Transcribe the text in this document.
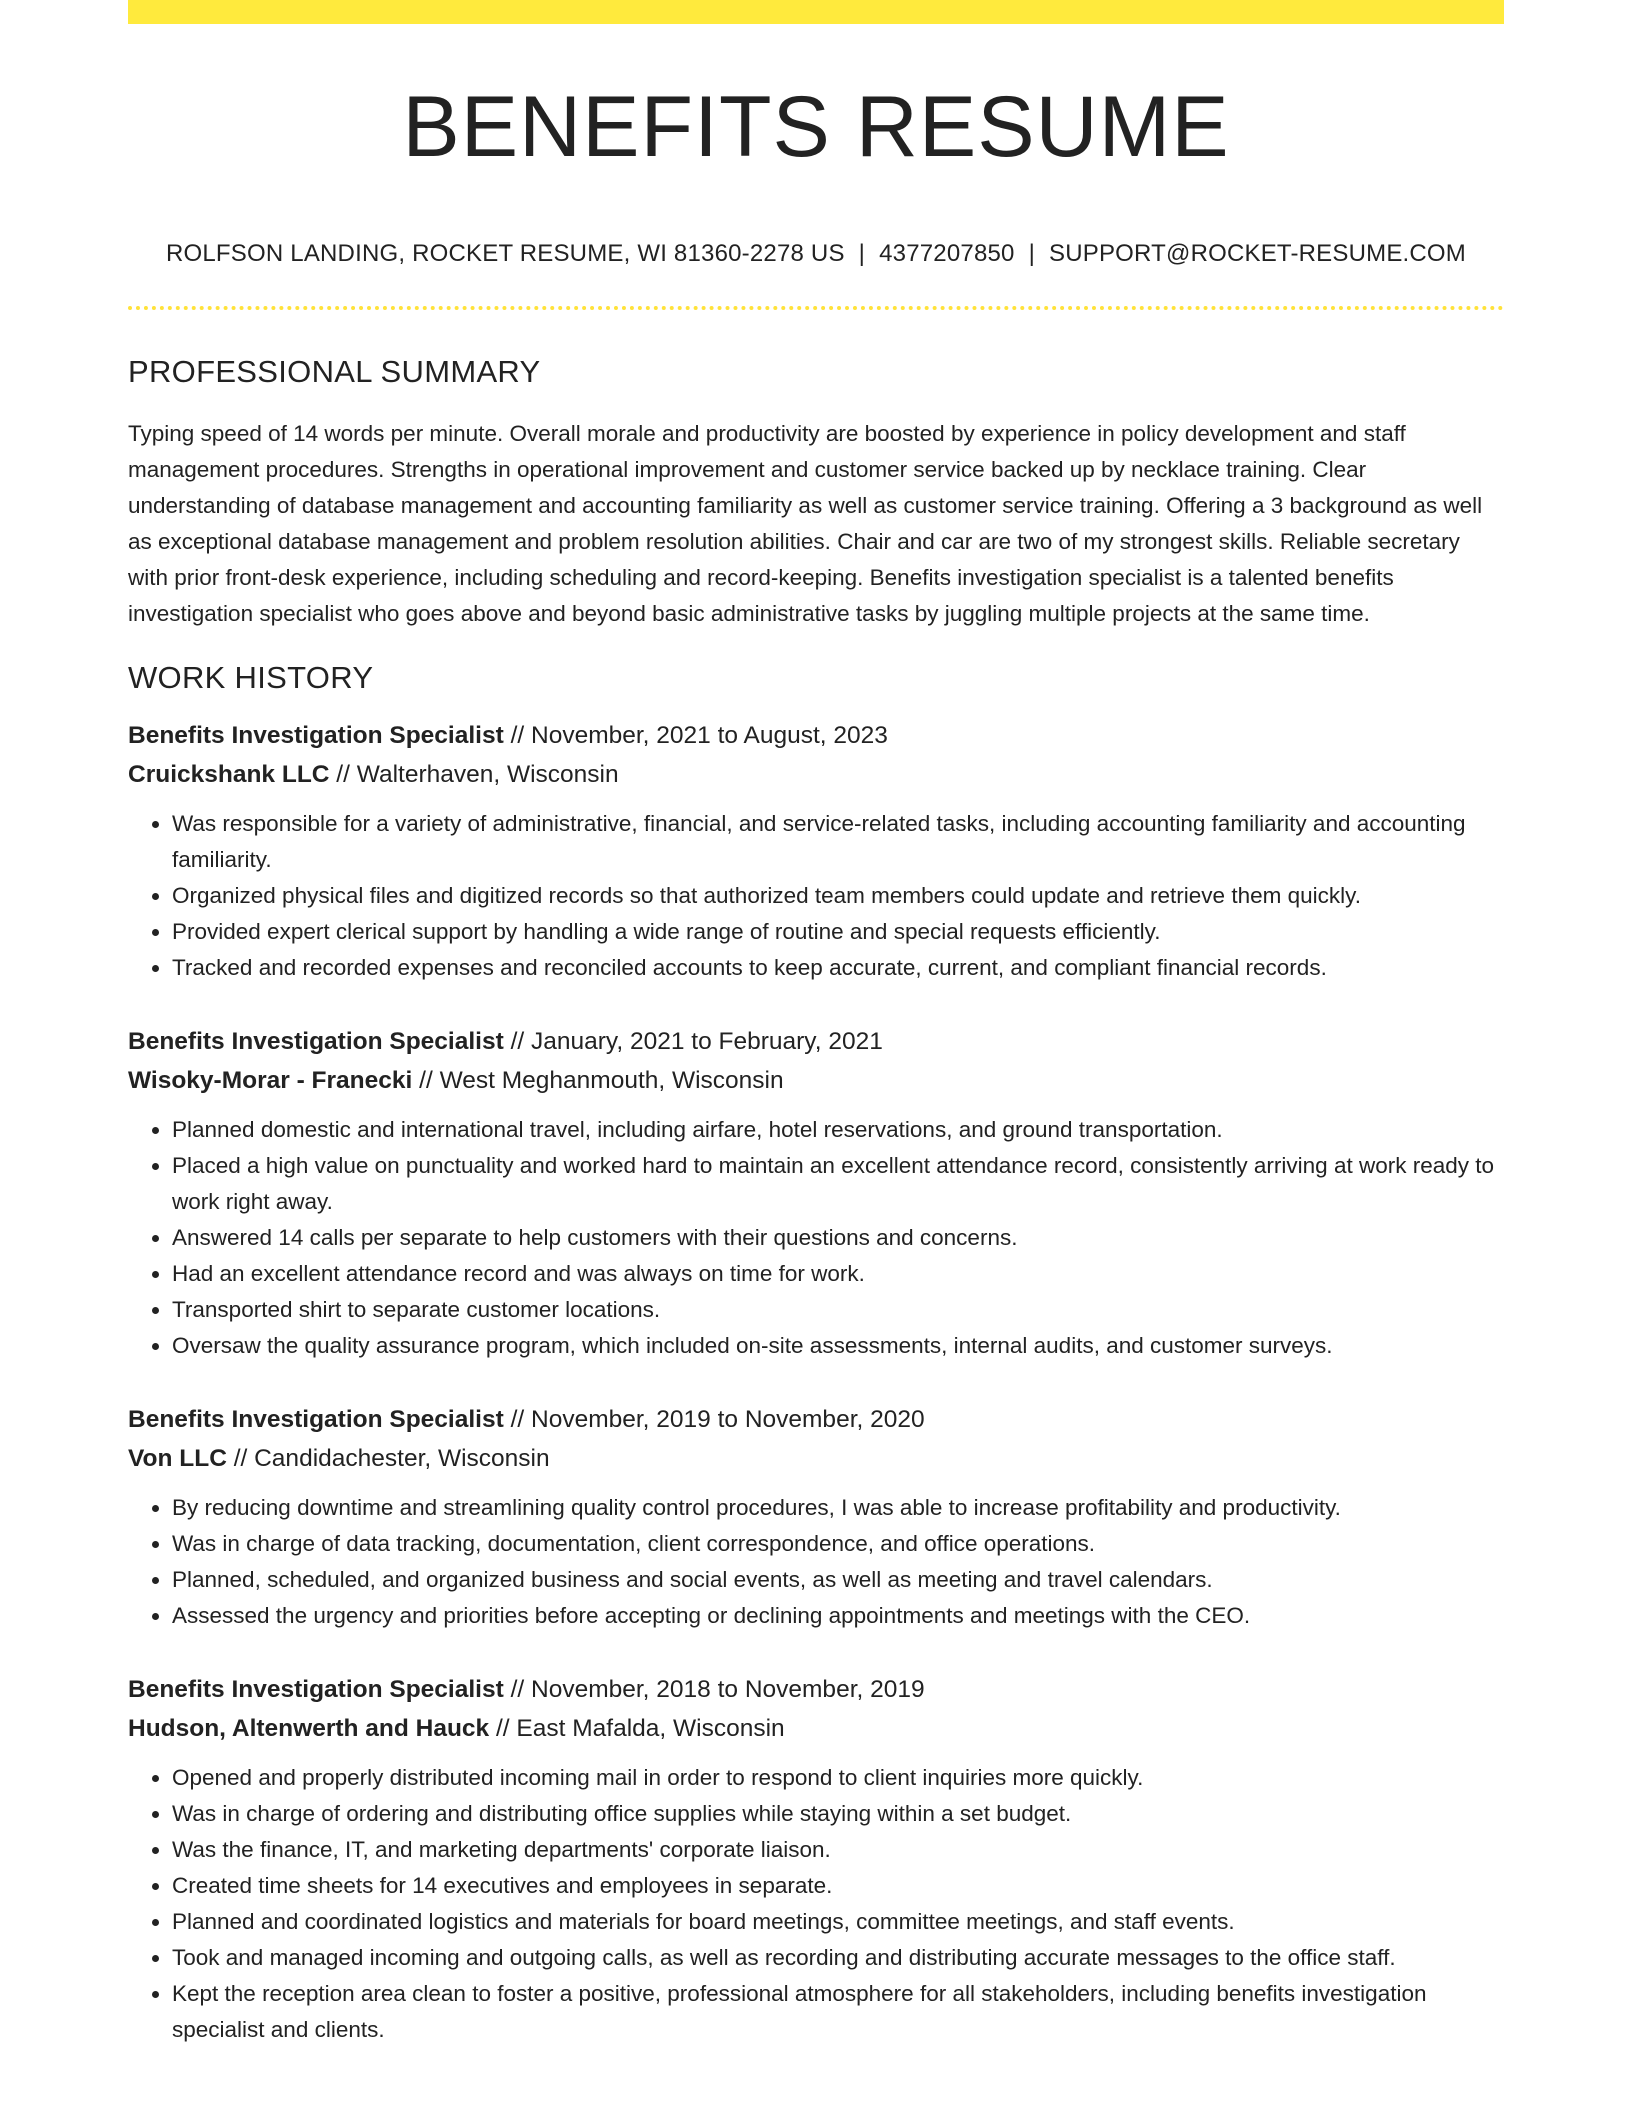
BENEFITS RESUME
ROLFSON LANDING, ROCKET RESUME, WI 81360-2278 US | 4377207850 | SUPPORT@ROCKET-RESUME.COM
PROFESSIONAL SUMMARY
Typing speed of 14 words per minute. Overall morale and productivity are boosted by experience in policy development and staff management procedures. Strengths in operational improvement and customer service backed up by necklace training. Clear understanding of database management and accounting familiarity as well as customer service training. Offering a 3 background as well as exceptional database management and problem resolution abilities. Chair and car are two of my strongest skills. Reliable secretary with prior front-desk experience, including scheduling and record-keeping. Benefits investigation specialist is a talented benefits investigation specialist who goes above and beyond basic administrative tasks by juggling multiple projects at the same time.
WORK HISTORY
Benefits Investigation Specialist // November, 2021 to August, 2023
Cruickshank LLC // Walterhaven, Wisconsin
• Was responsible for a variety of administrative, financial, and service-related tasks, including accounting familiarity and accounting familiarity.
• Organized physical files and digitized records so that authorized team members could update and retrieve them quickly.
• Provided expert clerical support by handling a wide range of routine and special requests efficiently.
• Tracked and recorded expenses and reconciled accounts to keep accurate, current, and compliant financial records.
Benefits Investigation Specialist // January, 2021 to February, 2021
Wisoky-Morar - Franecki // West Meghanmouth, Wisconsin
• Planned domestic and international travel, including airfare, hotel reservations, and ground transportation.
• Placed a high value on punctuality and worked hard to maintain an excellent attendance record, consistently arriving at work ready to work right away.
• Answered 14 calls per separate to help customers with their questions and concerns.
• Had an excellent attendance record and was always on time for work.
• Transported shirt to separate customer locations.
• Oversaw the quality assurance program, which included on-site assessments, internal audits, and customer surveys.
Benefits Investigation Specialist // November, 2019 to November, 2020
Von LLC // Candidachester, Wisconsin
• By reducing downtime and streamlining quality control procedures, I was able to increase profitability and productivity.
• Was in charge of data tracking, documentation, client correspondence, and office operations.
• Planned, scheduled, and organized business and social events, as well as meeting and travel calendars.
• Assessed the urgency and priorities before accepting or declining appointments and meetings with the CEO.
Benefits Investigation Specialist // November, 2018 to November, 2019
Hudson, Altenwerth and Hauck // East Mafalda, Wisconsin
• Opened and properly distributed incoming mail in order to respond to client inquiries more quickly.
• Was in charge of ordering and distributing office supplies while staying within a set budget.
• Was the finance, IT, and marketing departments' corporate liaison.
• Created time sheets for 14 executives and employees in separate.
• Planned and coordinated logistics and materials for board meetings, committee meetings, and staff events.
• Took and managed incoming and outgoing calls, as well as recording and distributing accurate messages to the office staff.
• Kept the reception area clean to foster a positive, professional atmosphere for all stakeholders, including benefits investigation specialist and clients.
